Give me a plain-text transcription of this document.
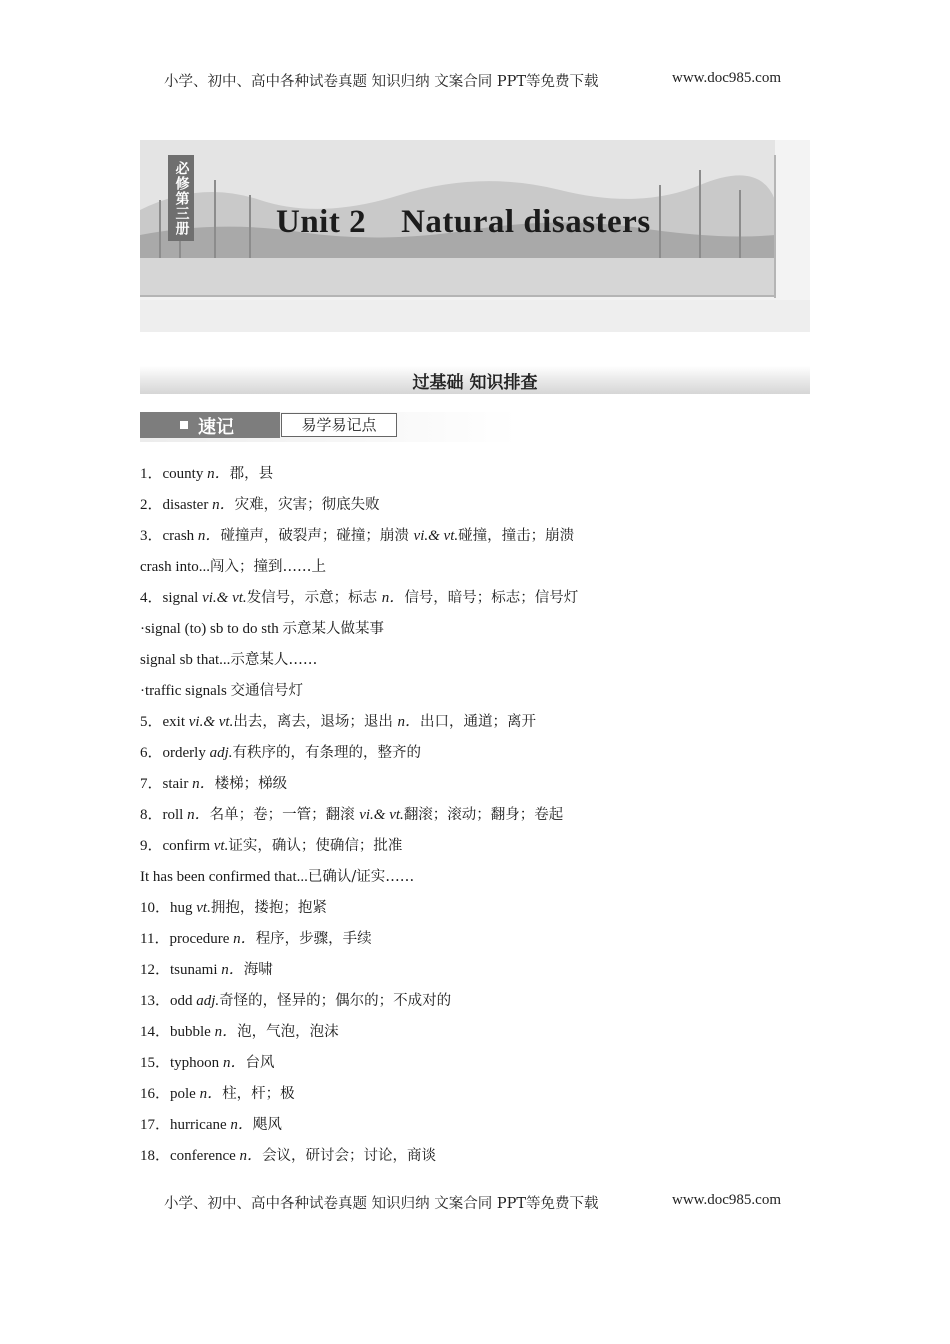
小学、初中、高中各种试卷真题 知识归纳 文案合同 PPT等免费下载	www.doc985.com
必修第三册	Unit 2    Natural disasters
过基础 知识排查
速记	易学易记点
1．county n．郡，县
2．disaster n．灾难，灾害；彻底失败
3．crash n．碰撞声，破裂声；碰撞；崩溃 vi.& vt.碰撞，撞击；崩溃
crash into...闯入；撞到……上
4．signal vi.& vt.发信号，示意；标志 n．信号，暗号；标志；信号灯
·signal (to) sb to do sth 示意某人做某事
signal sb that...示意某人……
·traffic signals 交通信号灯
5．exit vi.& vt.出去，离去，退场；退出 n．出口，通道；离开
6．orderly adj.有秩序的，有条理的，整齐的
7．stair n．楼梯；梯级
8．roll n．名单；卷；一管；翻滚 vi.& vt.翻滚；滚动；翻身；卷起
9．confirm vt.证实，确认；使确信；批准
It has been confirmed that...已确认/证实……
10．hug vt.拥抱，搂抱；抱紧
11．procedure n．程序，步骤，手续
12．tsunami n．海啸
13．odd adj.奇怪的，怪异的；偶尔的；不成对的
14．bubble n．泡，气泡，泡沫
15．typhoon n．台风
16．pole n．柱，杆；极
17．hurricane n．飓风
18．conference n．会议，研讨会；讨论，商谈
小学、初中、高中各种试卷真题 知识归纳 文案合同 PPT等免费下载	www.doc985.com
